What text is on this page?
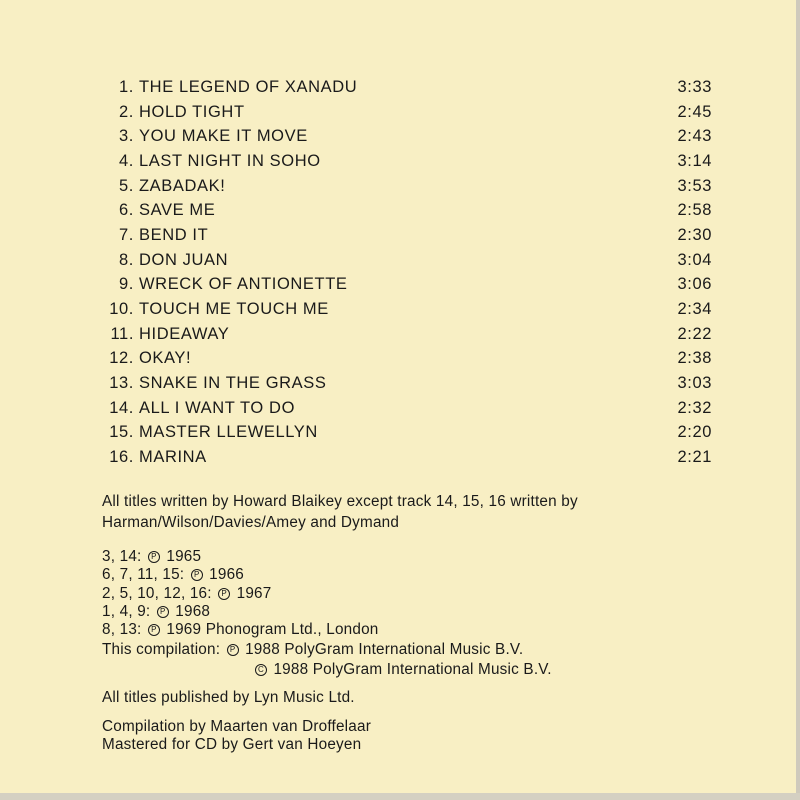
1. THE LEGEND OF XANADU	3:33
2. HOLD TIGHT	2:45
3. YOU MAKE IT MOVE	2:43
4. LAST NIGHT IN SOHO	3:14
5. ZABADAK!	3:53
6. SAVE ME	2:58
7. BEND IT	2:30
8. DON JUAN	3:04
9. WRECK OF ANTIONETTE	3:06
10. TOUCH ME TOUCH ME	2:34
11. HIDEAWAY	2:22
12. OKAY!	2:38
13. SNAKE IN THE GRASS	3:03
14. ALL I WANT TO DO	2:32
15. MASTER LLEWELLYN	2:20
16. MARINA	2:21
All titles written by Howard Blaikey except track 14, 15, 16 written by
Harman/Wilson/Davies/Amey and Dymand
3, 14: P 1965
6, 7, 11, 15: P 1966
2, 5, 10, 12, 16: P 1967
1, 4, 9: P 1968
8, 13: P 1969 Phonogram Ltd., London
This compilation: P 1988 PolyGram International Music B.V.
C 1988 PolyGram International Music B.V.
All titles published by Lyn Music Ltd.
Compilation by Maarten van Droffelaar
Mastered for CD by Gert van Hoeyen
